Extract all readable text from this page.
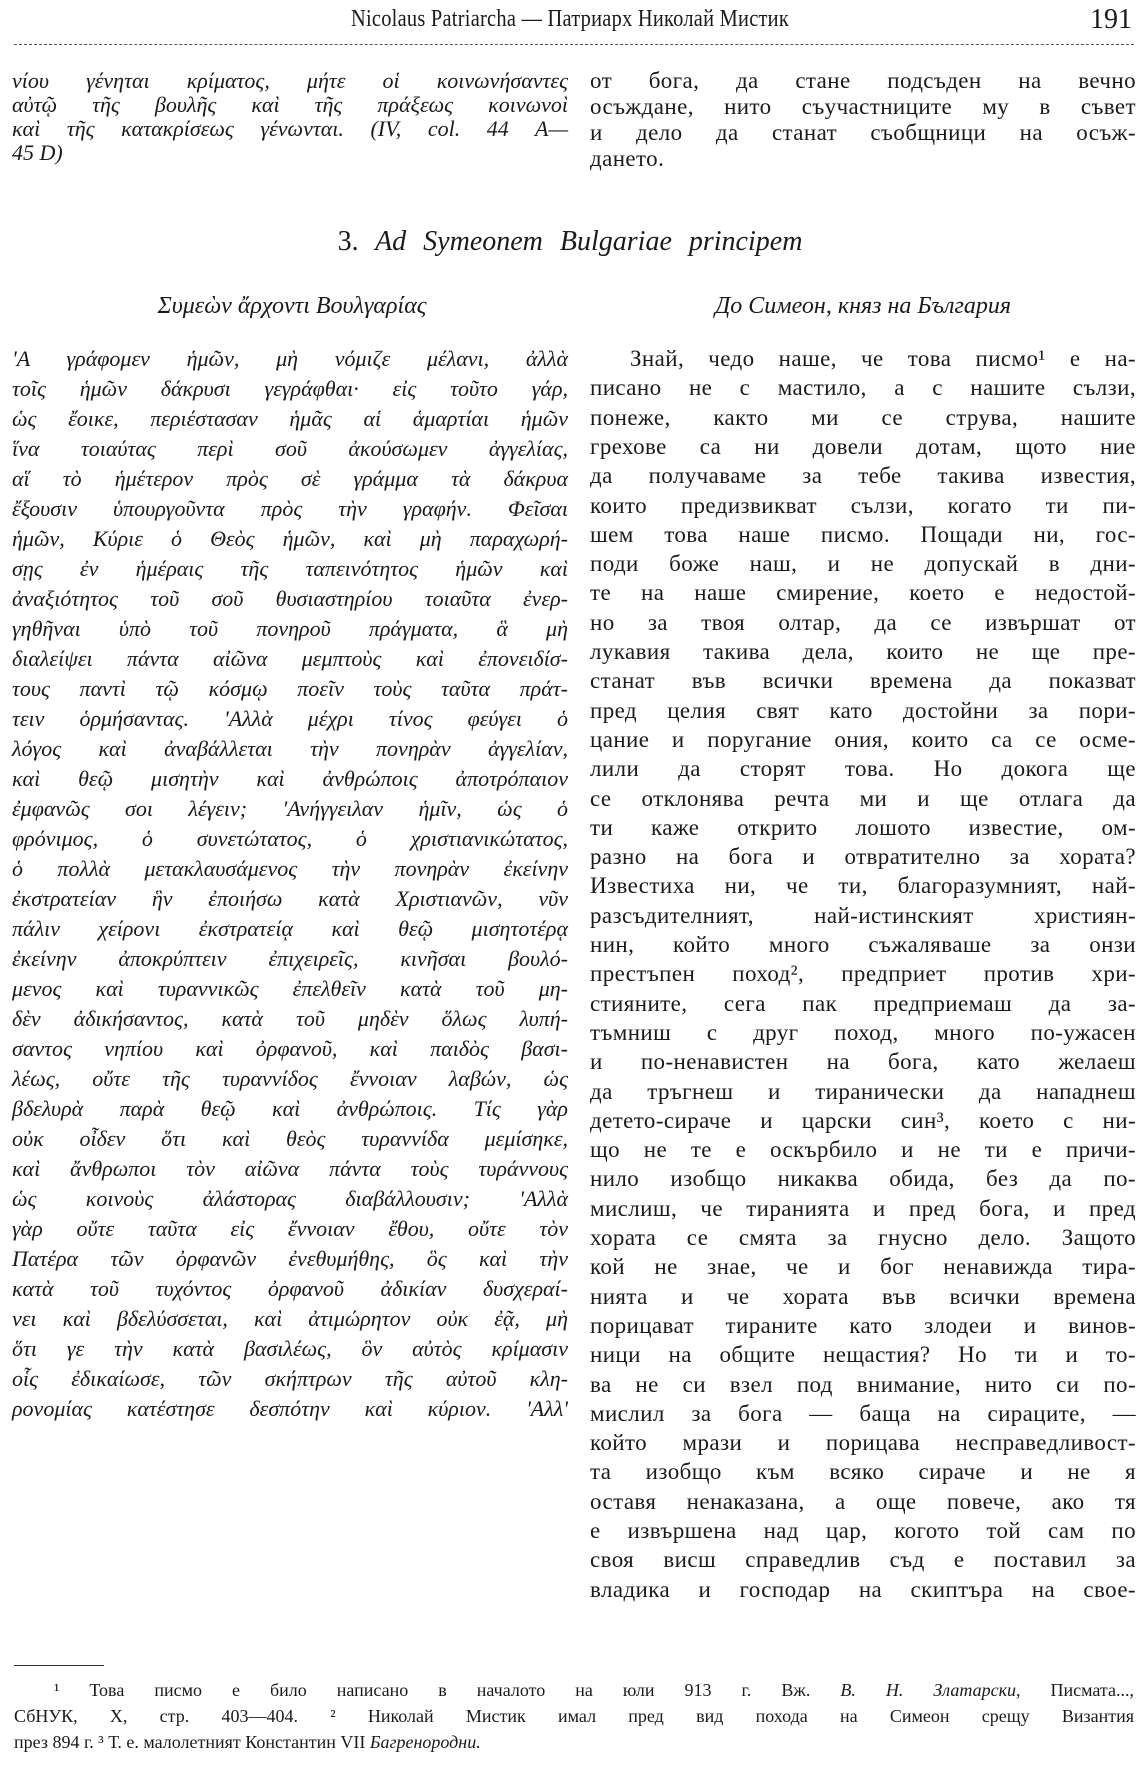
Nicolaus Patriarcha — Патриарх Николай Мистик	191
νίου γένηται κρίματος, μήτε οἱ κοινωνήσαντες
αὐτῷ τῆς βουλῆς καὶ τῆς πράξεως κοινωνοὶ
καὶ τῆς κατακρίσεως γένωνται. (IV, col. 44 A—
45 D)
от бога, да стане подсъден на вечно
осъждане, нито съучастниците му в съвет
и дело да станат съобщници на осъж-
дането.
3. Ad Symeonem Bulgariae principem
Συμεὼν ἄρχοντι Βουλγαρίας	До Симеон, княз на България
'Α γράφομεν ἡμῶν, μὴ νόμιζε μέλανι, ἀλλὰ
τοῖς ἡμῶν δάκρυσι γεγράφθαι· εἰς τοῦτο γάρ,
ὡς ἔοικε, περιέστασαν ἡμᾶς αἱ ἁμαρτίαι ἡμῶν
ἵνα τοιαύτας περὶ σοῦ ἀκούσωμεν ἀγγελίας,
αἵ τὸ ἡμέτερον πρὸς σὲ γράμμα τὰ δάκρυα
ἔξουσιν ὑπουργοῦντα πρὸς τὴν γραφήν. Φεῖσαι
ἡμῶν, Κύριε ὁ Θεὸς ἡμῶν, καὶ μὴ παραχωρή-
σῃς ἐν ἡμέραις τῆς ταπεινότητος ἡμῶν καὶ
ἀναξιότητος τοῦ σοῦ θυσιαστηρίου τοιαῦτα ἐνερ-
γηθῆναι ὑπὸ τοῦ πονηροῦ πράγματα, ἃ μὴ
διαλείψει πάντα αἰῶνα μεμπτοὺς καὶ ἐπονειδίσ-
τους παντὶ τῷ κόσμῳ ποεῖν τοὺς ταῦτα πράτ-
τειν ὁρμήσαντας. 'Αλλὰ μέχρι τίνος φεύγει ὁ
λόγος καὶ ἀναβάλλεται τὴν πονηρὰν ἀγγελίαν,
καὶ θεῷ μισητὴν καὶ ἀνθρώποις ἀποτρόπαιον
ἐμφανῶς σοι λέγειν; 'Ανήγγειλαν ἡμῖν, ὡς ὁ
φρόνιμος, ὁ συνετώτατος, ὁ χριστιανικώτατος,
ὁ πολλὰ μετακλαυσάμενος τὴν πονηρὰν ἐκείνην
ἐκστρατείαν ἣν ἐποιήσω κατὰ Χριστιανῶν, νῦν
πάλιν χείρονι ἐκστρατείᾳ καὶ θεῷ μισητοτέρᾳ
ἐκείνην ἀποκρύπτειν ἐπιχειρεῖς, κινῆσαι βουλό-
μενος καὶ τυραννικῶς ἐπελθεῖν κατὰ τοῦ μη-
δὲν ἀδικήσαντος, κατὰ τοῦ μηδὲν ὅλως λυπή-
σαντος νηπίου καὶ ὀρφανοῦ, καὶ παιδὸς βασι-
λέως, οὔτε τῆς τυραννίδος ἔννοιαν λαβών, ὡς
βδελυρὰ παρὰ θεῷ καὶ ἀνθρώποις. Τίς γὰρ
οὐκ οἶδεν ὅτι καὶ θεὸς τυραννίδα μεμίσηκε,
καὶ ἄνθρωποι τὸν αἰῶνα πάντα τοὺς τυράννους
ὡς κοινοὺς ἀλάστορας διαβάλλουσιν; 'Αλλὰ
γὰρ οὔτε ταῦτα εἰς ἔννοιαν ἔθου, οὔτε τὸν
Πατέρα τῶν ὀρφανῶν ἐνεθυμήθης, ὃς καὶ τὴν
κατὰ τοῦ τυχόντος ὀρφανοῦ ἀδικίαν δυσχεραί-
νει καὶ βδελύσσεται, καὶ ἀτιμώρητον οὐκ ἐᾷ, μὴ
ὅτι γε τὴν κατὰ βασιλέως, ὃν αὐτὸς κρίμασιν
οἷς ἐδικαίωσε, τῶν σκήπτρων τῆς αὐτοῦ κλη-
ρονομίας κατέστησε δεσπότην καὶ κύριον. 'Αλλ'
Знай, чедо наше, че това писмо¹ е на-
писано не с мастило, а с нашите сълзи,
понеже, както ми се струва, нашите
грехове са ни довели дотам, щото ние
да получаваме за тебе такива известия,
които предизвикват сълзи, когато ти пи-
шем това наше писмо. Пощади ни, гос-
поди боже наш, и не допускай в дни-
те на наше смирение, което е недостой-
но за твоя олтар, да се извършат от
лукавия такива дела, които не ще пре-
станат във всички времена да показват
пред целия свят като достойни за пори-
цание и поругание ония, които са се осме-
лили да сторят това. Но докога ще
се отклонява речта ми и ще отлага да
ти каже открито лошото известие, ом-
разно на бога и отвратително за хората?
Известиха ни, че ти, благоразумният, най-
разсъдителният, най-истинският християн-
нин, който много съжаляваше за онзи
престъпен поход², предприет против хри-
стияните, сега пак предприемаш да за-
тъмниш с друг поход, много по-ужасен
и по-ненавистен на бога, като желаеш
да тръгнеш и тиранически да нападнеш
детето-сираче и царски син³, което с ни-
що не те е оскърбило и не ти е причи-
нило изобщо никаква обида, без да по-
мислиш, че тиранията и пред бога, и пред
хората се смята за гнусно дело. Защото
кой не знае, че и бог ненавижда тира-
нията и че хората във всички времена
порицават тираните като злодеи и винов-
ници на общите нещастия? Но ти и то-
ва не си взел под внимание, нито си по-
мислил за бога — баща на сираците, —
който мрази и порицава несправедливост-
та изобщо към всяко сираче и не я
оставя ненаказана, а още повече, ако тя
е извършена над цар, когото той сам по
своя висш справедлив съд е поставил за
владика и господар на скиптъра на свое-
¹ Това писмо е било написано в началото на юли 913 г. Вж. В. Н. Златарски, Писмата...,
СбНУК, X, стр. 403—404. ² Николай Мистик имал пред вид похода на Симеон срещу Византия
през 894 г. ³ Т. е. малолетният Константин VII Багренородни.
